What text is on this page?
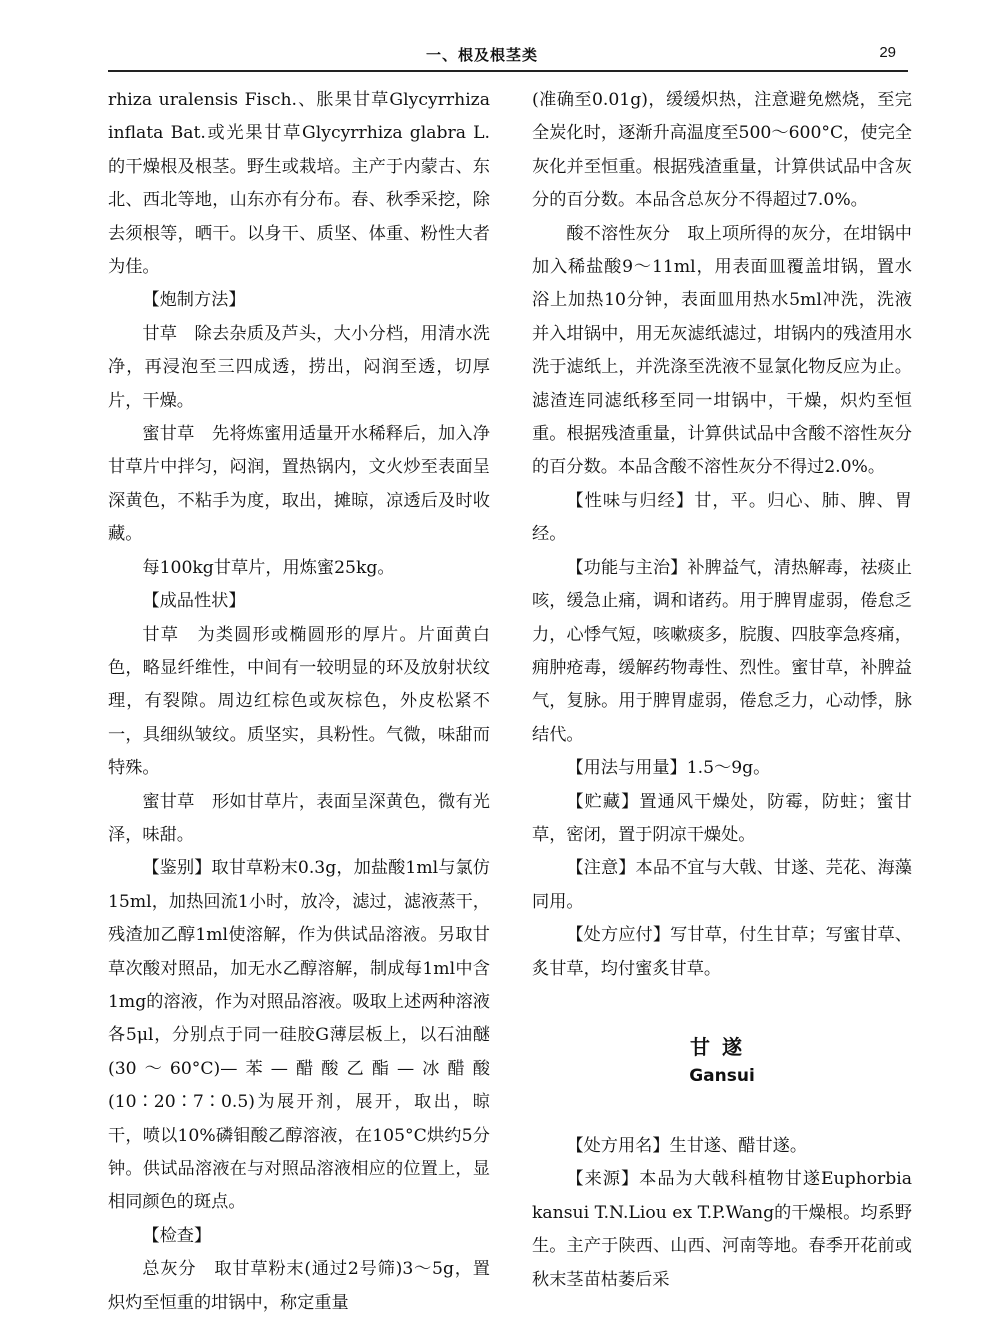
一、根及根茎类	29

rhiza uralensis Fisch.、胀果甘草Glycyrrhiza inflata Bat.或光果甘草Glycyrrhiza glabra L.的干燥根及根茎。野生或栽培。主产于内蒙古、东北、西北等地，山东亦有分布。春、秋季采挖，除去须根等，晒干。以身干、质坚、体重、粉性大者为佳。

【炮制方法】

甘草　除去杂质及芦头，大小分档，用清水洗净，再浸泡至三四成透，捞出，闷润至透，切厚片，干燥。

蜜甘草　先将炼蜜用适量开水稀释后，加入净甘草片中拌匀，闷润，置热锅内，文火炒至表面呈深黄色，不粘手为度，取出，摊晾，凉透后及时收藏。

每100kg甘草片，用炼蜜25kg。

【成品性状】

甘草　为类圆形或椭圆形的厚片。片面黄白色，略显纤维性，中间有一较明显的环及放射状纹理，有裂隙。周边红棕色或灰棕色，外皮松紧不一，具细纵皱纹。质坚实，具粉性。气微，味甜而特殊。

蜜甘草　形如甘草片，表面呈深黄色，微有光泽，味甜。

【鉴别】取甘草粉末0.3g，加盐酸1ml与氯仿15ml，加热回流1小时，放冷，滤过，滤液蒸干，残渣加乙醇1ml使溶解，作为供试品溶液。另取甘草次酸对照品，加无水乙醇溶解，制成每1ml中含1mg的溶液，作为对照品溶液。吸取上述两种溶液各5μl，分别点于同一硅胶G薄层板上，以石油醚(30～60°C)—苯—醋酸乙酯—冰醋酸(10∶20∶7∶0.5)为展开剂，展开，取出，晾干，喷以10%磷钼酸乙醇溶液，在105°C烘约5分钟。供试品溶液在与对照品溶液相应的位置上，显相同颜色的斑点。

【检查】

总灰分　取甘草粉末(通过2号筛)3～5g，置炽灼至恒重的坩锅中，称定重量

(准确至0.01g)，缓缓炽热，注意避免燃烧，至完全炭化时，逐渐升高温度至500～600°C，使完全灰化并至恒重。根据残渣重量，计算供试品中含灰分的百分数。本品含总灰分不得超过7.0%。

酸不溶性灰分　取上项所得的灰分，在坩锅中加入稀盐酸9～11ml，用表面皿覆盖坩锅，置水浴上加热10分钟，表面皿用热水5ml冲洗，洗液并入坩锅中，用无灰滤纸滤过，坩锅内的残渣用水洗于滤纸上，并洗涤至洗液不显氯化物反应为止。滤渣连同滤纸移至同一坩锅中，干燥，炽灼至恒重。根据残渣重量，计算供试品中含酸不溶性灰分的百分数。本品含酸不溶性灰分不得过2.0%。

【性味与归经】甘，平。归心、肺、脾、胃经。

【功能与主治】补脾益气，清热解毒，祛痰止咳，缓急止痛，调和诸药。用于脾胃虚弱，倦怠乏力，心悸气短，咳嗽痰多，脘腹、四肢挛急疼痛，痈肿疮毒，缓解药物毒性、烈性。蜜甘草，补脾益气，复脉。用于脾胃虚弱，倦怠乏力，心动悸，脉结代。

【用法与用量】1.5～9g。

【贮藏】置通风干燥处，防霉，防蛀；蜜甘草，密闭，置于阴凉干燥处。

【注意】本品不宜与大戟、甘遂、芫花、海藻同用。

【处方应付】写甘草，付生甘草；写蜜甘草、炙甘草，均付蜜炙甘草。

甘遂
Gansui

【处方用名】生甘遂、醋甘遂。

【来源】本品为大戟科植物甘遂Euphorbia kansui T.N.Liou ex T.P.Wang的干燥根。均系野生。主产于陕西、山西、河南等地。春季开花前或秋末茎苗枯萎后采
